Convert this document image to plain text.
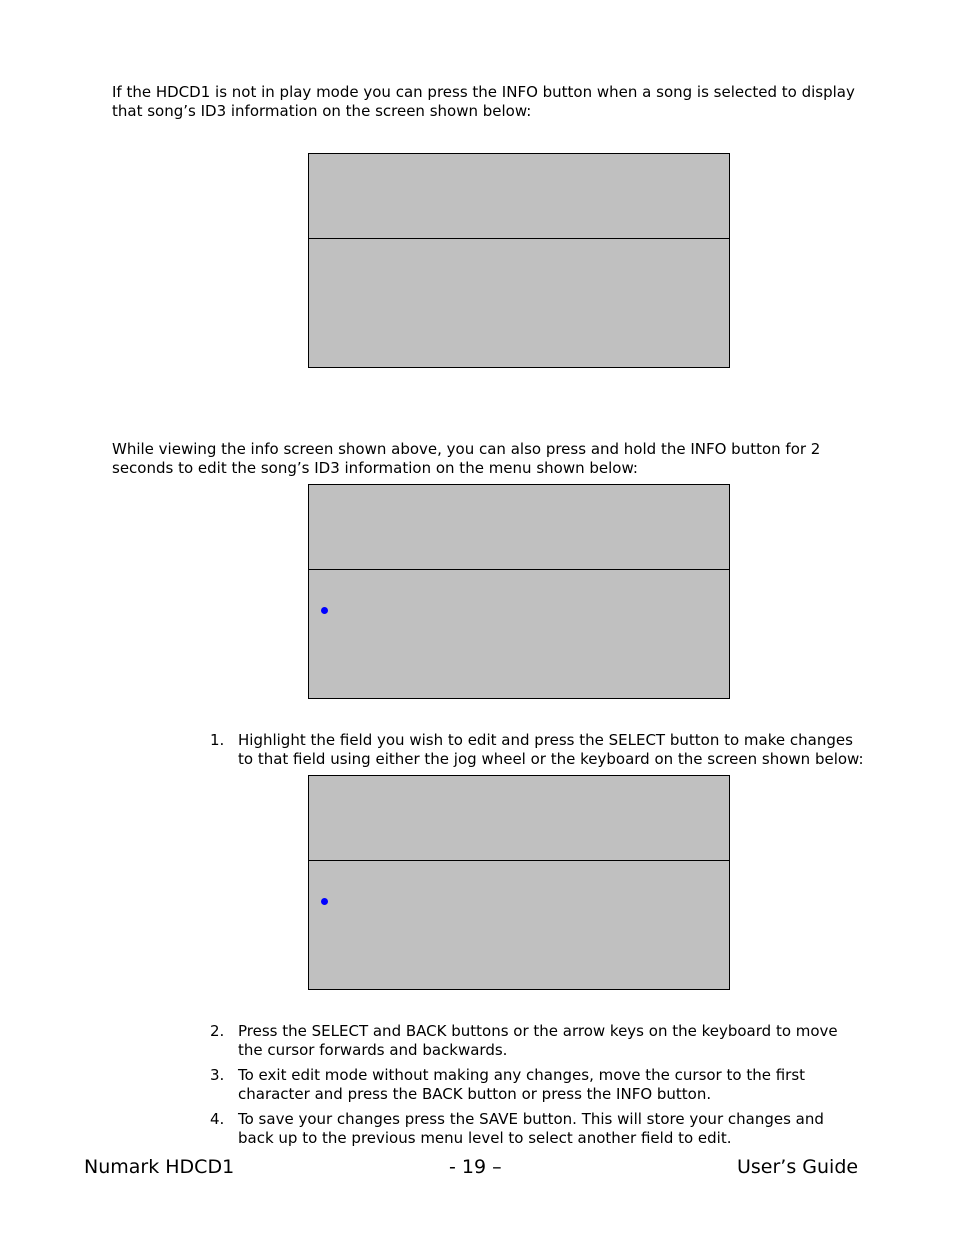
If the HDCD1 is not in play mode you can press the INFO button when a song is selected to display
that song’s ID3 information on the screen shown below:
While viewing the info screen shown above, you can also press and hold the INFO button for 2
seconds to edit the song’s ID3 information on the menu shown below:
1. Highlight the field you wish to edit and press the SELECT button to make changes
to that field using either the jog wheel or the keyboard on the screen shown below:
2. Press the SELECT and BACK buttons or the arrow keys on the keyboard to move
the cursor forwards and backwards.
3. To exit edit mode without making any changes, move the cursor to the first
character and press the BACK button or press the INFO button.
4. To save your changes press the SAVE button. This will store your changes and
back up to the previous menu level to select another field to edit.
Numark HDCD1	- 19 –	User’s Guide
